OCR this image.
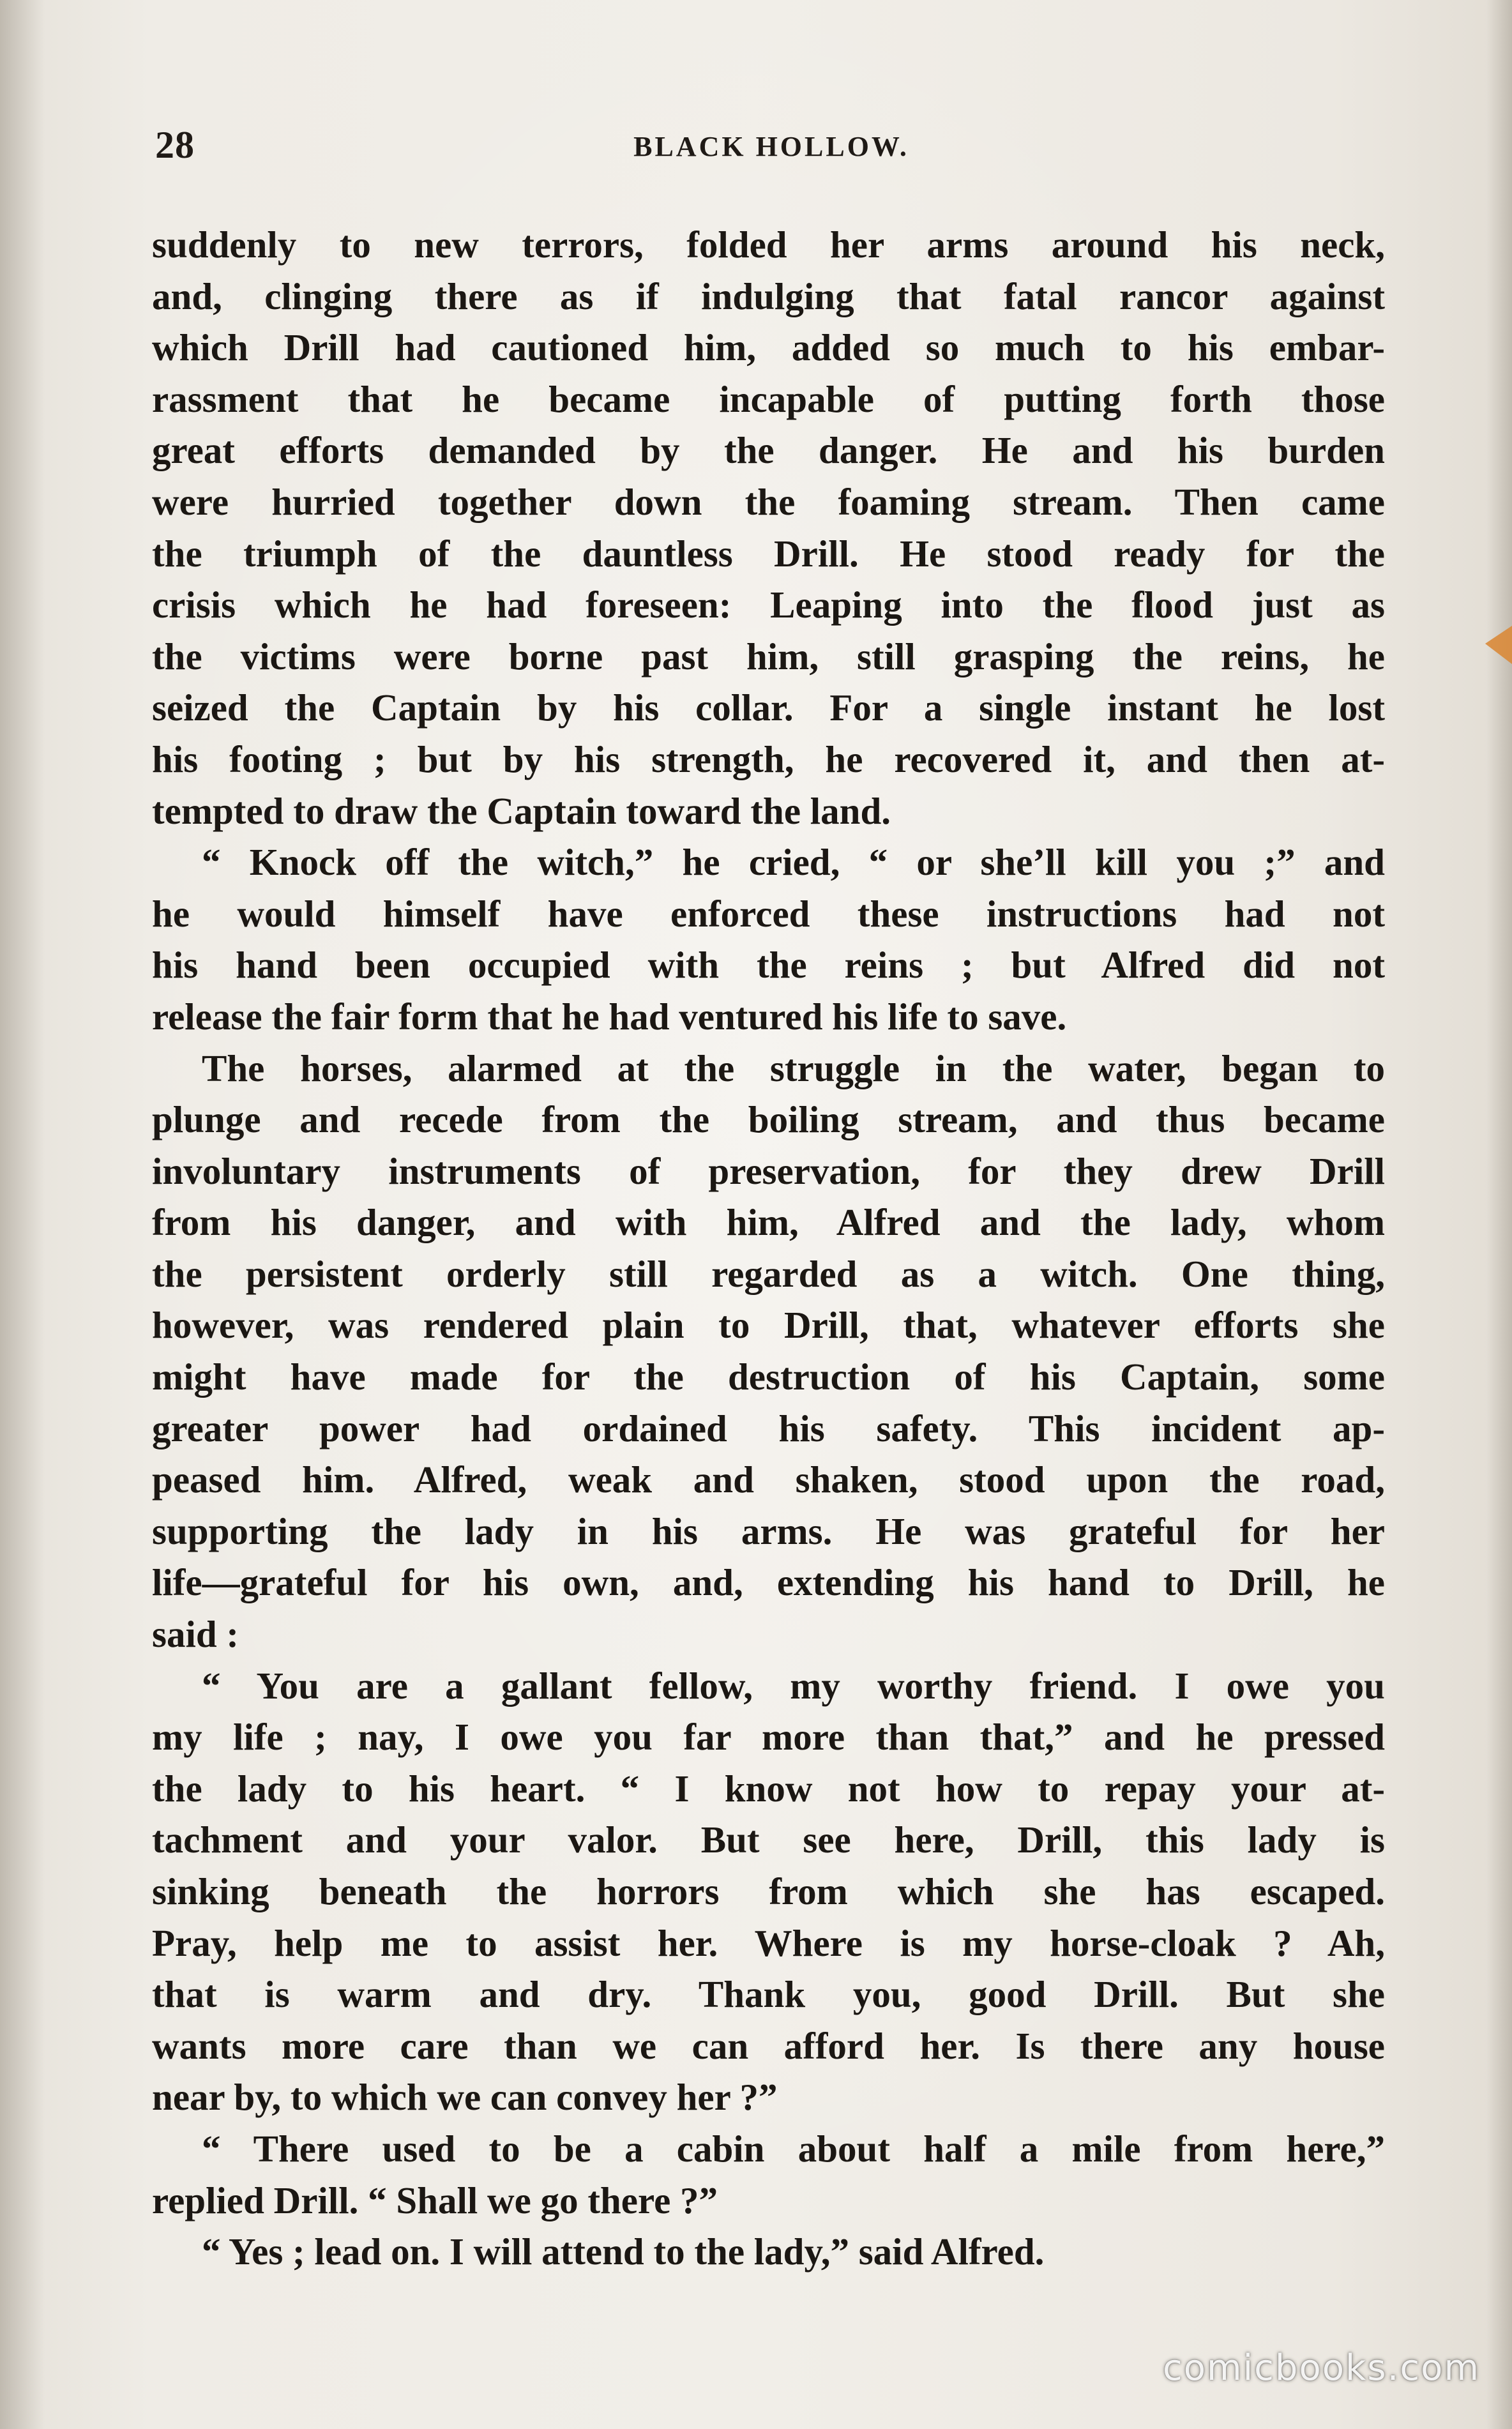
28	BLACK HOLLOW.
suddenly to new terrors, folded her arms around his neck,
and, clinging there as if indulging that fatal rancor against
which Drill had cautioned him, added so much to his embar-
rassment that he became incapable of putting forth those
great efforts demanded by the danger. He and his burden
were hurried together down the foaming stream. Then came
the triumph of the dauntless Drill. He stood ready for the
crisis which he had foreseen: Leaping into the flood just as
the victims were borne past him, still grasping the reins, he
seized the Captain by his collar. For a single instant he lost
his footing ; but by his strength, he recovered it, and then at-
tempted to draw the Captain toward the land.
“ Knock off the witch,” he cried, “ or she’ll kill you ;” and
he would himself have enforced these instructions had not
his hand been occupied with the reins ; but Alfred did not
release the fair form that he had ventured his life to save.
The horses, alarmed at the struggle in the water, began to
plunge and recede from the boiling stream, and thus became
involuntary instruments of preservation, for they drew Drill
from his danger, and with him, Alfred and the lady, whom
the persistent orderly still regarded as a witch. One thing,
however, was rendered plain to Drill, that, whatever efforts she
might have made for the destruction of his Captain, some
greater power had ordained his safety. This incident ap-
peased him. Alfred, weak and shaken, stood upon the road,
supporting the lady in his arms. He was grateful for her
life—grateful for his own, and, extending his hand to Drill, he
said :
“ You are a gallant fellow, my worthy friend. I owe you
my life ; nay, I owe you far more than that,” and he pressed
the lady to his heart. “ I know not how to repay your at-
tachment and your valor. But see here, Drill, this lady is
sinking beneath the horrors from which she has escaped.
Pray, help me to assist her. Where is my horse-cloak ? Ah,
that is warm and dry. Thank you, good Drill. But she
wants more care than we can afford her. Is there any house
near by, to which we can convey her ?”
“ There used to be a cabin about half a mile from here,”
replied Drill. “ Shall we go there ?”
“ Yes ; lead on. I will attend to the lady,” said Alfred.
comicbooks.com
